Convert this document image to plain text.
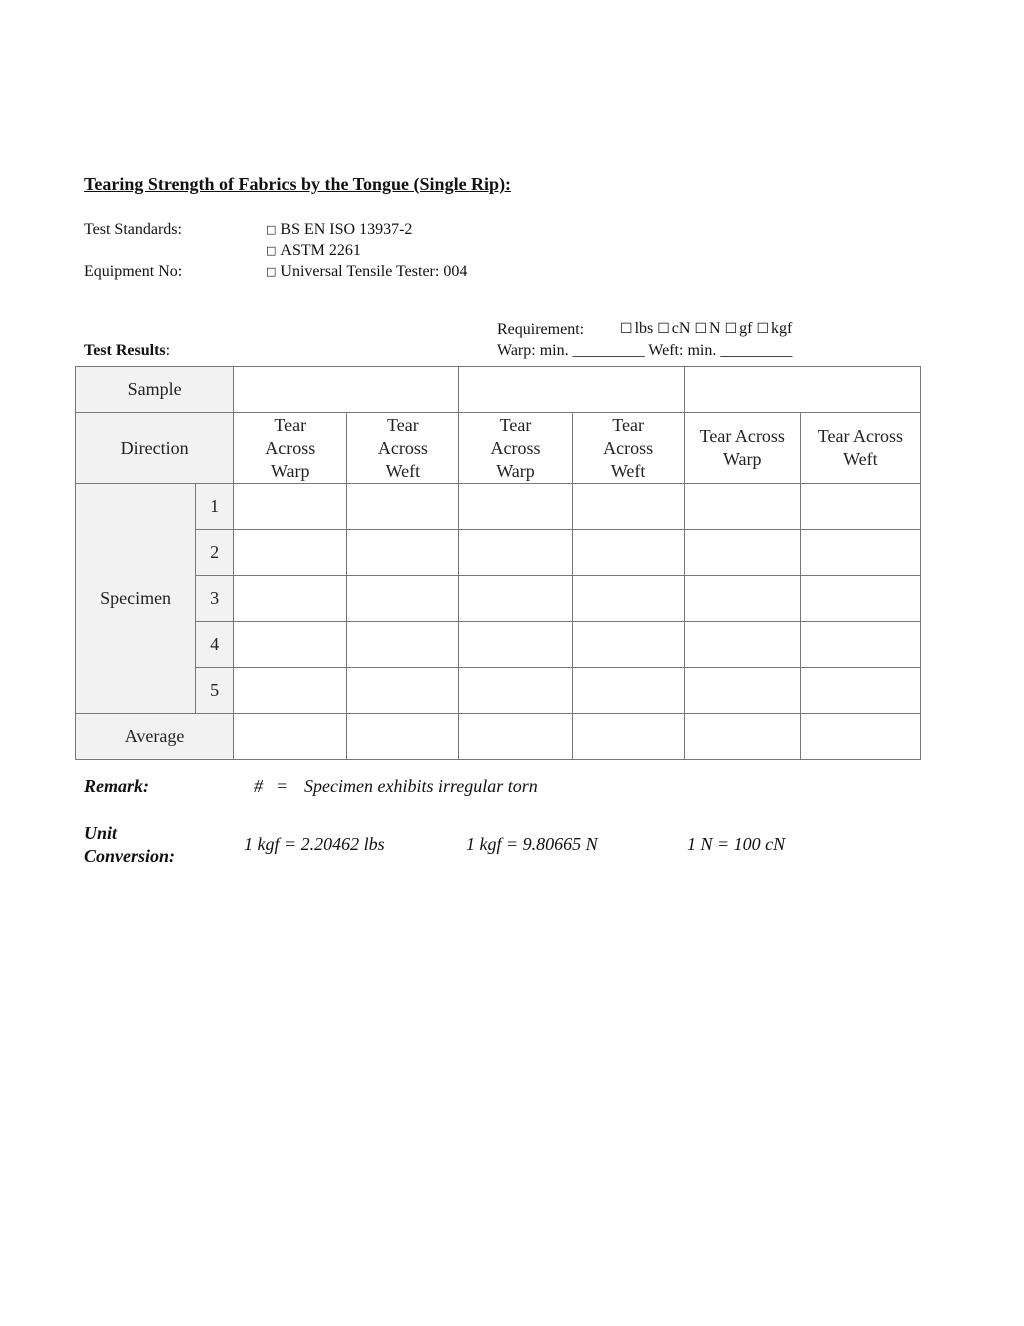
Tearing Strength of Fabrics by the Tongue (Single Rip):
Test Standards:	□ BS EN ISO 13937-2
□ ASTM 2261
Equipment No:	□ Universal Tensile Tester: 004
Requirement:	☐ lbs ☐ cN ☐ N ☐ gf ☐ kgf
Warp: min. _________ Weft: min. _________
Test Results:
Sample							
Direction		Tear Across Warp	Tear Across Weft	Tear Across Warp	Tear Across Weft	Tear Across Warp	Tear Across Weft
Specimen	1						
	2						
	3						
	4						
	5						
Average							
Remark:	# = Specimen exhibits irregular torn
Unit
Conversion:
1 kgf = 2.20462 lbs	1 kgf = 9.80665 N	1 N = 100 cN
